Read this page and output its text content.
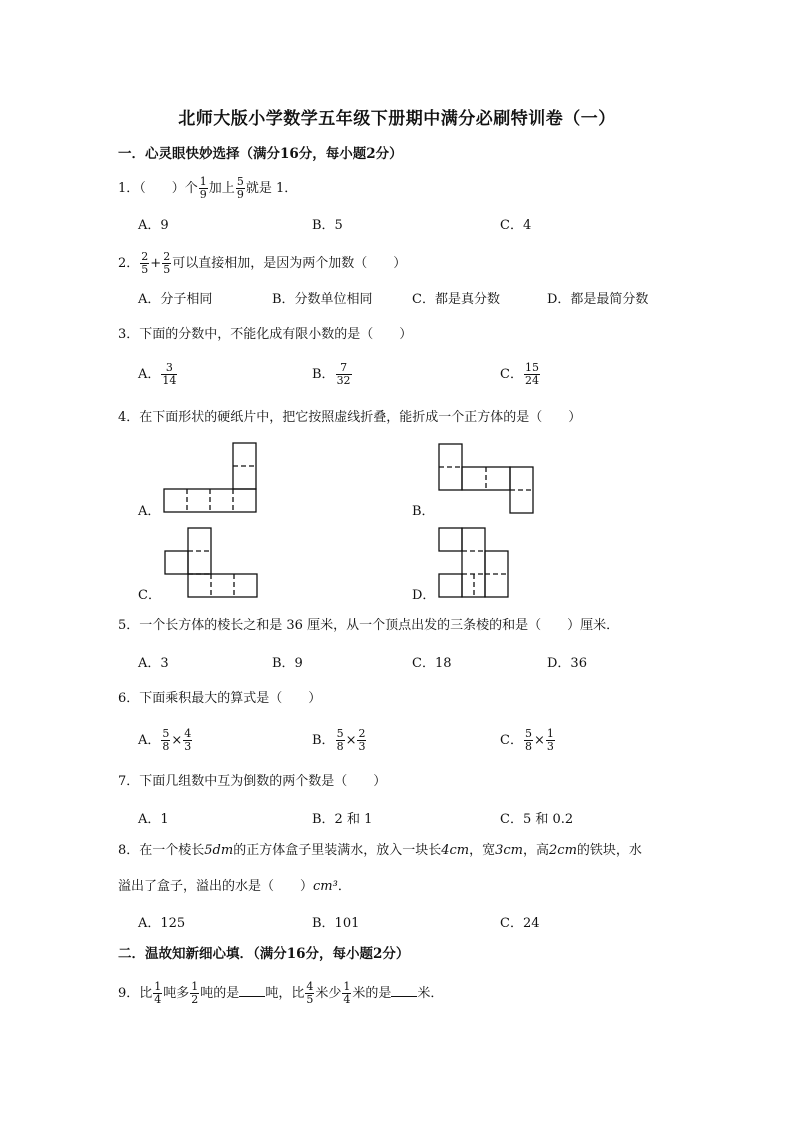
北师大版小学数学五年级下册期中满分必刷特训卷（一）
一．心灵眼快妙选择（满分16分，每小题2分）
1．（　　）个 $\frac{1}{9}$ 加上 $\frac{5}{9}$ 就是 1．
A．9	B．5	C．4
2． $\frac{2}{5} + \frac{2}{5}$ 可以直接相加，是因为两个加数（　　）
A．分子相同	B．分数单位相同	C．都是真分数	D．都是最简分数
3．下面的分数中，不能化成有限小数的是（　　）
A． $\frac{3}{14}$	B． $\frac{7}{32}$	C． $\frac{15}{24}$
4．在下面形状的硬纸片中，把它按照虚线折叠，能折成一个正方体的是（　　）
A．	B．
C．	D．
5．一个长方体的棱长之和是 36 厘米，从一个顶点出发的三条棱的和是（　　）厘米．
A．3	B．9	C．18	D．36
6．下面乘积最大的算式是（　　）
A． $\frac{5}{8} \times \frac{4}{3}$	B． $\frac{5}{8} \times \frac{2}{3}$	C． $\frac{5}{8} \times \frac{1}{3}$
7．下面几组数中互为倒数的两个数是（　　）
A．1	B．2 和 1	C．5 和 0.2
8．在一个棱长5dm的正方体盒子里装满水，放入一块长4cm，宽3cm，高2cm的铁块，水
溢出了盒子，溢出的水是（　　）cm³．
A．125	B．101	C．24
二．温故知新细心填．（满分16分，每小题2分）
9．比 $\frac{1}{4}$ 吨多 $\frac{1}{2}$ 吨的是 吨，比 $\frac{4}{5}$ 米少 $\frac{1}{4}$ 米的是 米．
